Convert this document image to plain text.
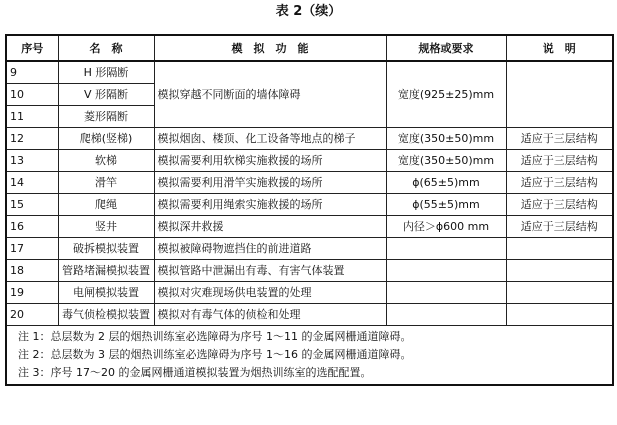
表 2（续）
序号	名　称	模　拟　功　能	规格或要求	说　明
9	H 形隔断	模拟穿越不同断面的墙体障碍	宽度(925±25)mm	
10	V 形隔断			
11	菱形隔断			
12	爬梯(竖梯)	模拟烟囱、楼顶、化工设备等地点的梯子	宽度(350±50)mm	适应于三层结构
13	软梯	模拟需要利用软梯实施救援的场所	宽度(350±50)mm	适应于三层结构
14	滑竿	模拟需要利用滑竿实施救援的场所	ϕ(65±5)mm	适应于三层结构
15	爬绳	模拟需要利用绳索实施救援的场所	ϕ(55±5)mm	适应于三层结构
16	竖井	模拟深井救援	内径＞ϕ600 mm	适应于三层结构
17	破拆模拟装置	模拟被障碍物遮挡住的前进道路		
18	管路堵漏模拟装置	模拟管路中泄漏出有毒、有害气体装置		
19	电闸模拟装置	模拟对灾难现场供电装置的处理		
20	毒气侦检模拟装置	模拟对有毒气体的侦检和处理		

注 1：总层数为 2 层的烟热训练室必选障碍为序号 1～11 的金属网栅通道障碍。
注 2：总层数为 3 层的烟热训练室必选障碍为序号 1～16 的金属网栅通道障碍。
注 3：序号 17～20 的金属网栅通道模拟装置为烟热训练室的选配配置。				
